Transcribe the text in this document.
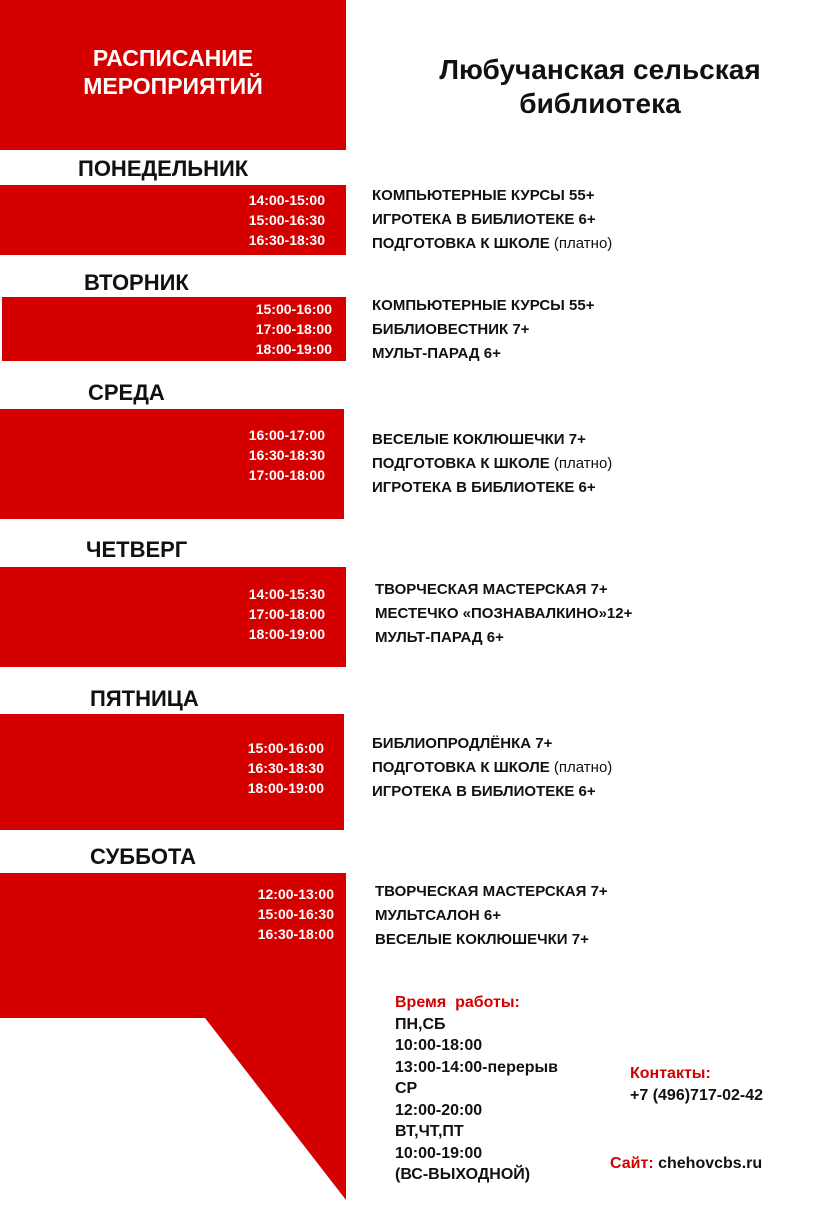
РАСПИСАНИЕ
МЕРОПРИЯТИЙ
Любучанская сельская
библиотека
ПОНЕДЕЛЬНИК
14:00-15:00
15:00-16:30
16:30-18:30
КОМПЬЮТЕРНЫЕ КУРСЫ 55+
ИГРОТЕКА В БИБЛИОТЕКЕ 6+
ПОДГОТОВКА К ШКОЛЕ (платно)
ВТОРНИК
15:00-16:00
17:00-18:00
18:00-19:00
КОМПЬЮТЕРНЫЕ КУРСЫ 55+
БИБЛИОВЕСТНИК 7+
МУЛЬТ-ПАРАД 6+
СРЕДА
16:00-17:00
16:30-18:30
17:00-18:00
ВЕСЕЛЫЕ КОКЛЮШЕЧКИ 7+
ПОДГОТОВКА К ШКОЛЕ (платно)
ИГРОТЕКА В БИБЛИОТЕКЕ 6+
ЧЕТВЕРГ
14:00-15:30
17:00-18:00
18:00-19:00
ТВОРЧЕСКАЯ МАСТЕРСКАЯ 7+
МЕСТЕЧКО «ПОЗНАВАЛКИНО»12+
МУЛЬТ-ПАРАД 6+
ПЯТНИЦА
15:00-16:00
16:30-18:30
18:00-19:00
БИБЛИОПРОДЛЁНКА 7+
ПОДГОТОВКА К ШКОЛЕ (платно)
ИГРОТЕКА В БИБЛИОТЕКЕ 6+
СУББОТА
12:00-13:00
15:00-16:30
16:30-18:00
ТВОРЧЕСКАЯ МАСТЕРСКАЯ 7+
МУЛЬТСАЛОН 6+
ВЕСЕЛЫЕ КОКЛЮШЕЧКИ 7+
Время  работы:
ПН,СБ
10:00-18:00
13:00-14:00-перерыв
СР
12:00-20:00
ВТ,ЧТ,ПТ
10:00-19:00
(ВС-ВЫХОДНОЙ)
Контакты:
+7 (496)717-02-42
Сайт: chehovcbs.ru
